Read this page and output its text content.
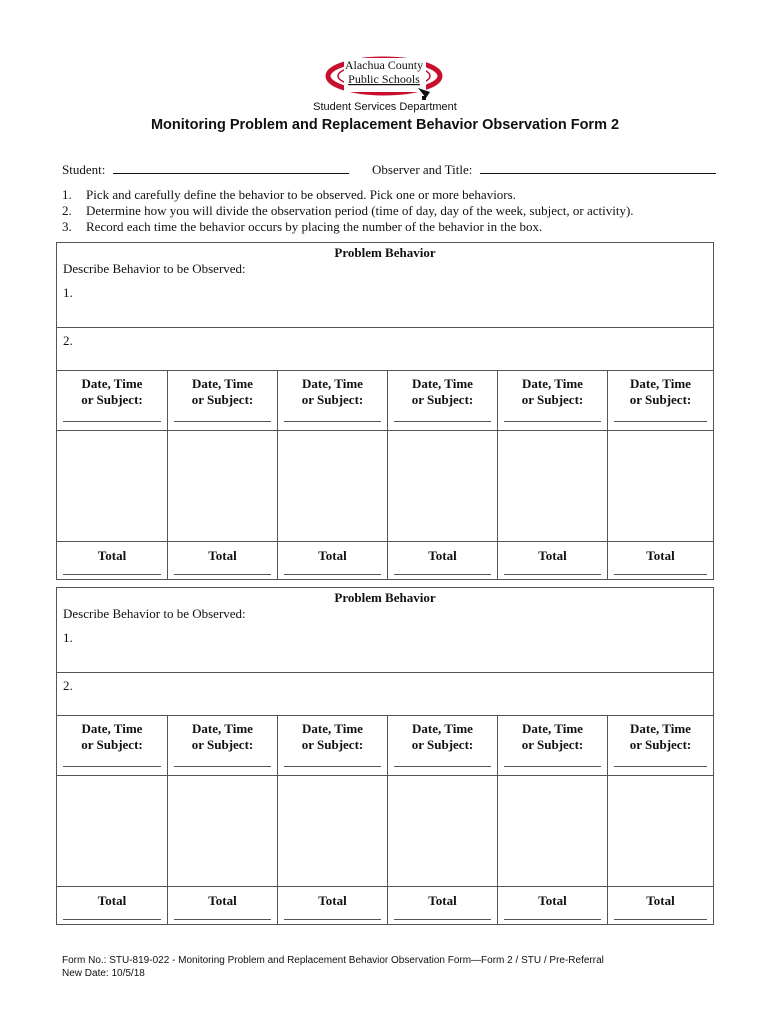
Alachua County
Public Schools
Student Services Department
Monitoring Problem and Replacement Behavior Observation Form 2
Student:	Observer and Title:
1. Pick and carefully define the behavior to be observed. Pick one or more behaviors.
2. Determine how you will divide the observation period (time of day, day of the week, subject, or activity).
3. Record each time the behavior occurs by placing the number of the behavior in the box.
Problem Behavior
Describe Behavior to be Observed:
1.
2.
Date, Time
or Subject:
Total
Date, Time
or Subject:
Total
Date, Time
or Subject:
Total
Date, Time
or Subject:
Total
Date, Time
or Subject:
Total
Date, Time
or Subject:
Total
Problem Behavior
Describe Behavior to be Observed:
1.
2.
Date, Time
or Subject:
Total
Date, Time
or Subject:
Total
Date, Time
or Subject:
Total
Date, Time
or Subject:
Total
Date, Time
or Subject:
Total
Date, Time
or Subject:
Total
Form No.: STU-819-022 - Monitoring Problem and Replacement Behavior Observation Form—Form 2 / STU / Pre-Referral
New Date: 10/5/18
